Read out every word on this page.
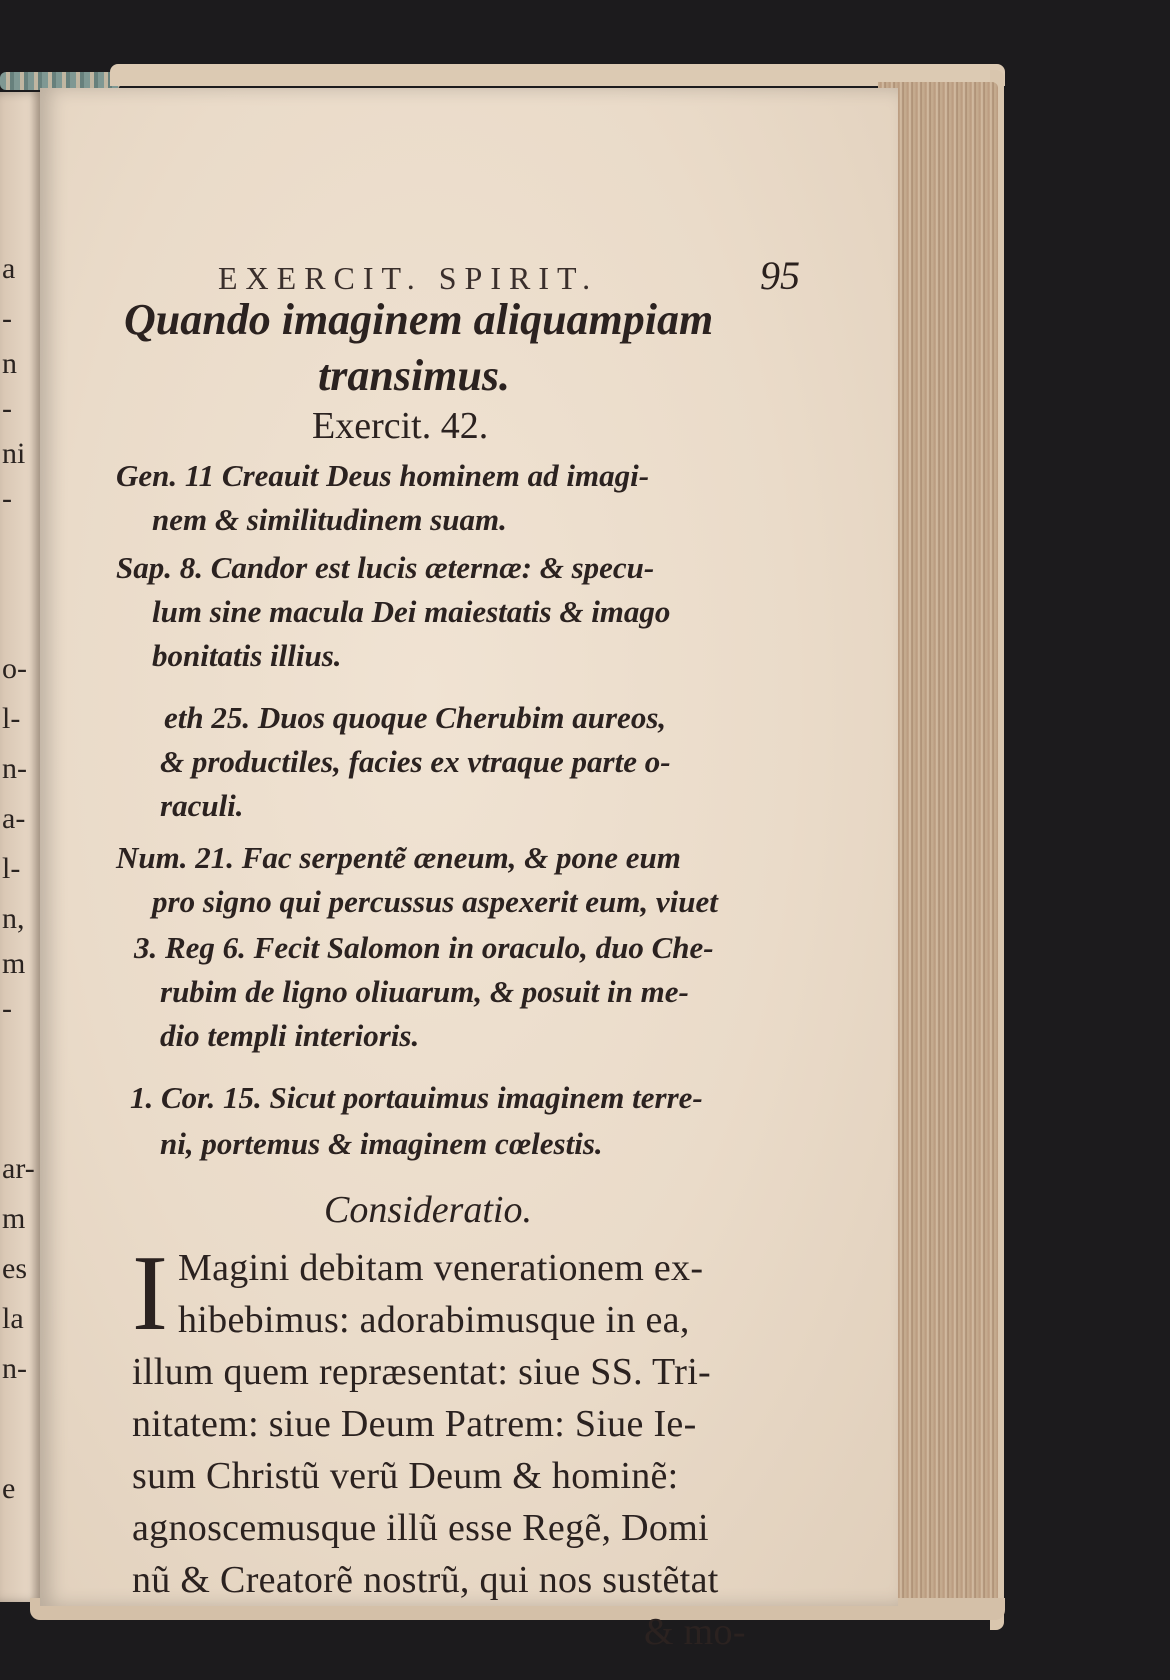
a
-
n
-
ni
-
o-
l-
n-
a-
l-
n,
m
-
ar-
m
es
la
n-
e
EXERCIT. SPIRIT.	95
Quando imaginem aliquampiam
transimus.
Exercit. 42.
Gen. 11 Creauit Deus hominem ad imagi-
nem & similitudinem suam.
Sap. 8. Candor est lucis æternæ: & specu-
lum sine macula Dei maiestatis & imago
bonitatis illius.
eth 25. Duos quoque Cherubim aureos,
& productiles, facies ex vtraque parte o-
raculi.
Num. 21. Fac serpentẽ æneum, & pone eum
pro signo qui percussus aspexerit eum, viuet
3. Reg 6. Fecit Salomon in oraculo, duo Che-
rubim de ligno oliuarum, & posuit in me-
dio templi interioris.
1. Cor. 15. Sicut portauimus imaginem terre-
ni, portemus & imaginem cœlestis.
Consideratio.
I Magini debitam venerationem ex-
hibebimus: adorabimusque in ea,
illum quem repræsentat: siue SS. Tri-
nitatem: siue Deum Patrem: Siue Ie-
sum Christũ verũ Deum & hominẽ:
agnoscemusque illũ esse Regẽ, Domi
nũ & Creatorẽ nostrũ, qui nos sustẽtat
& mo-
